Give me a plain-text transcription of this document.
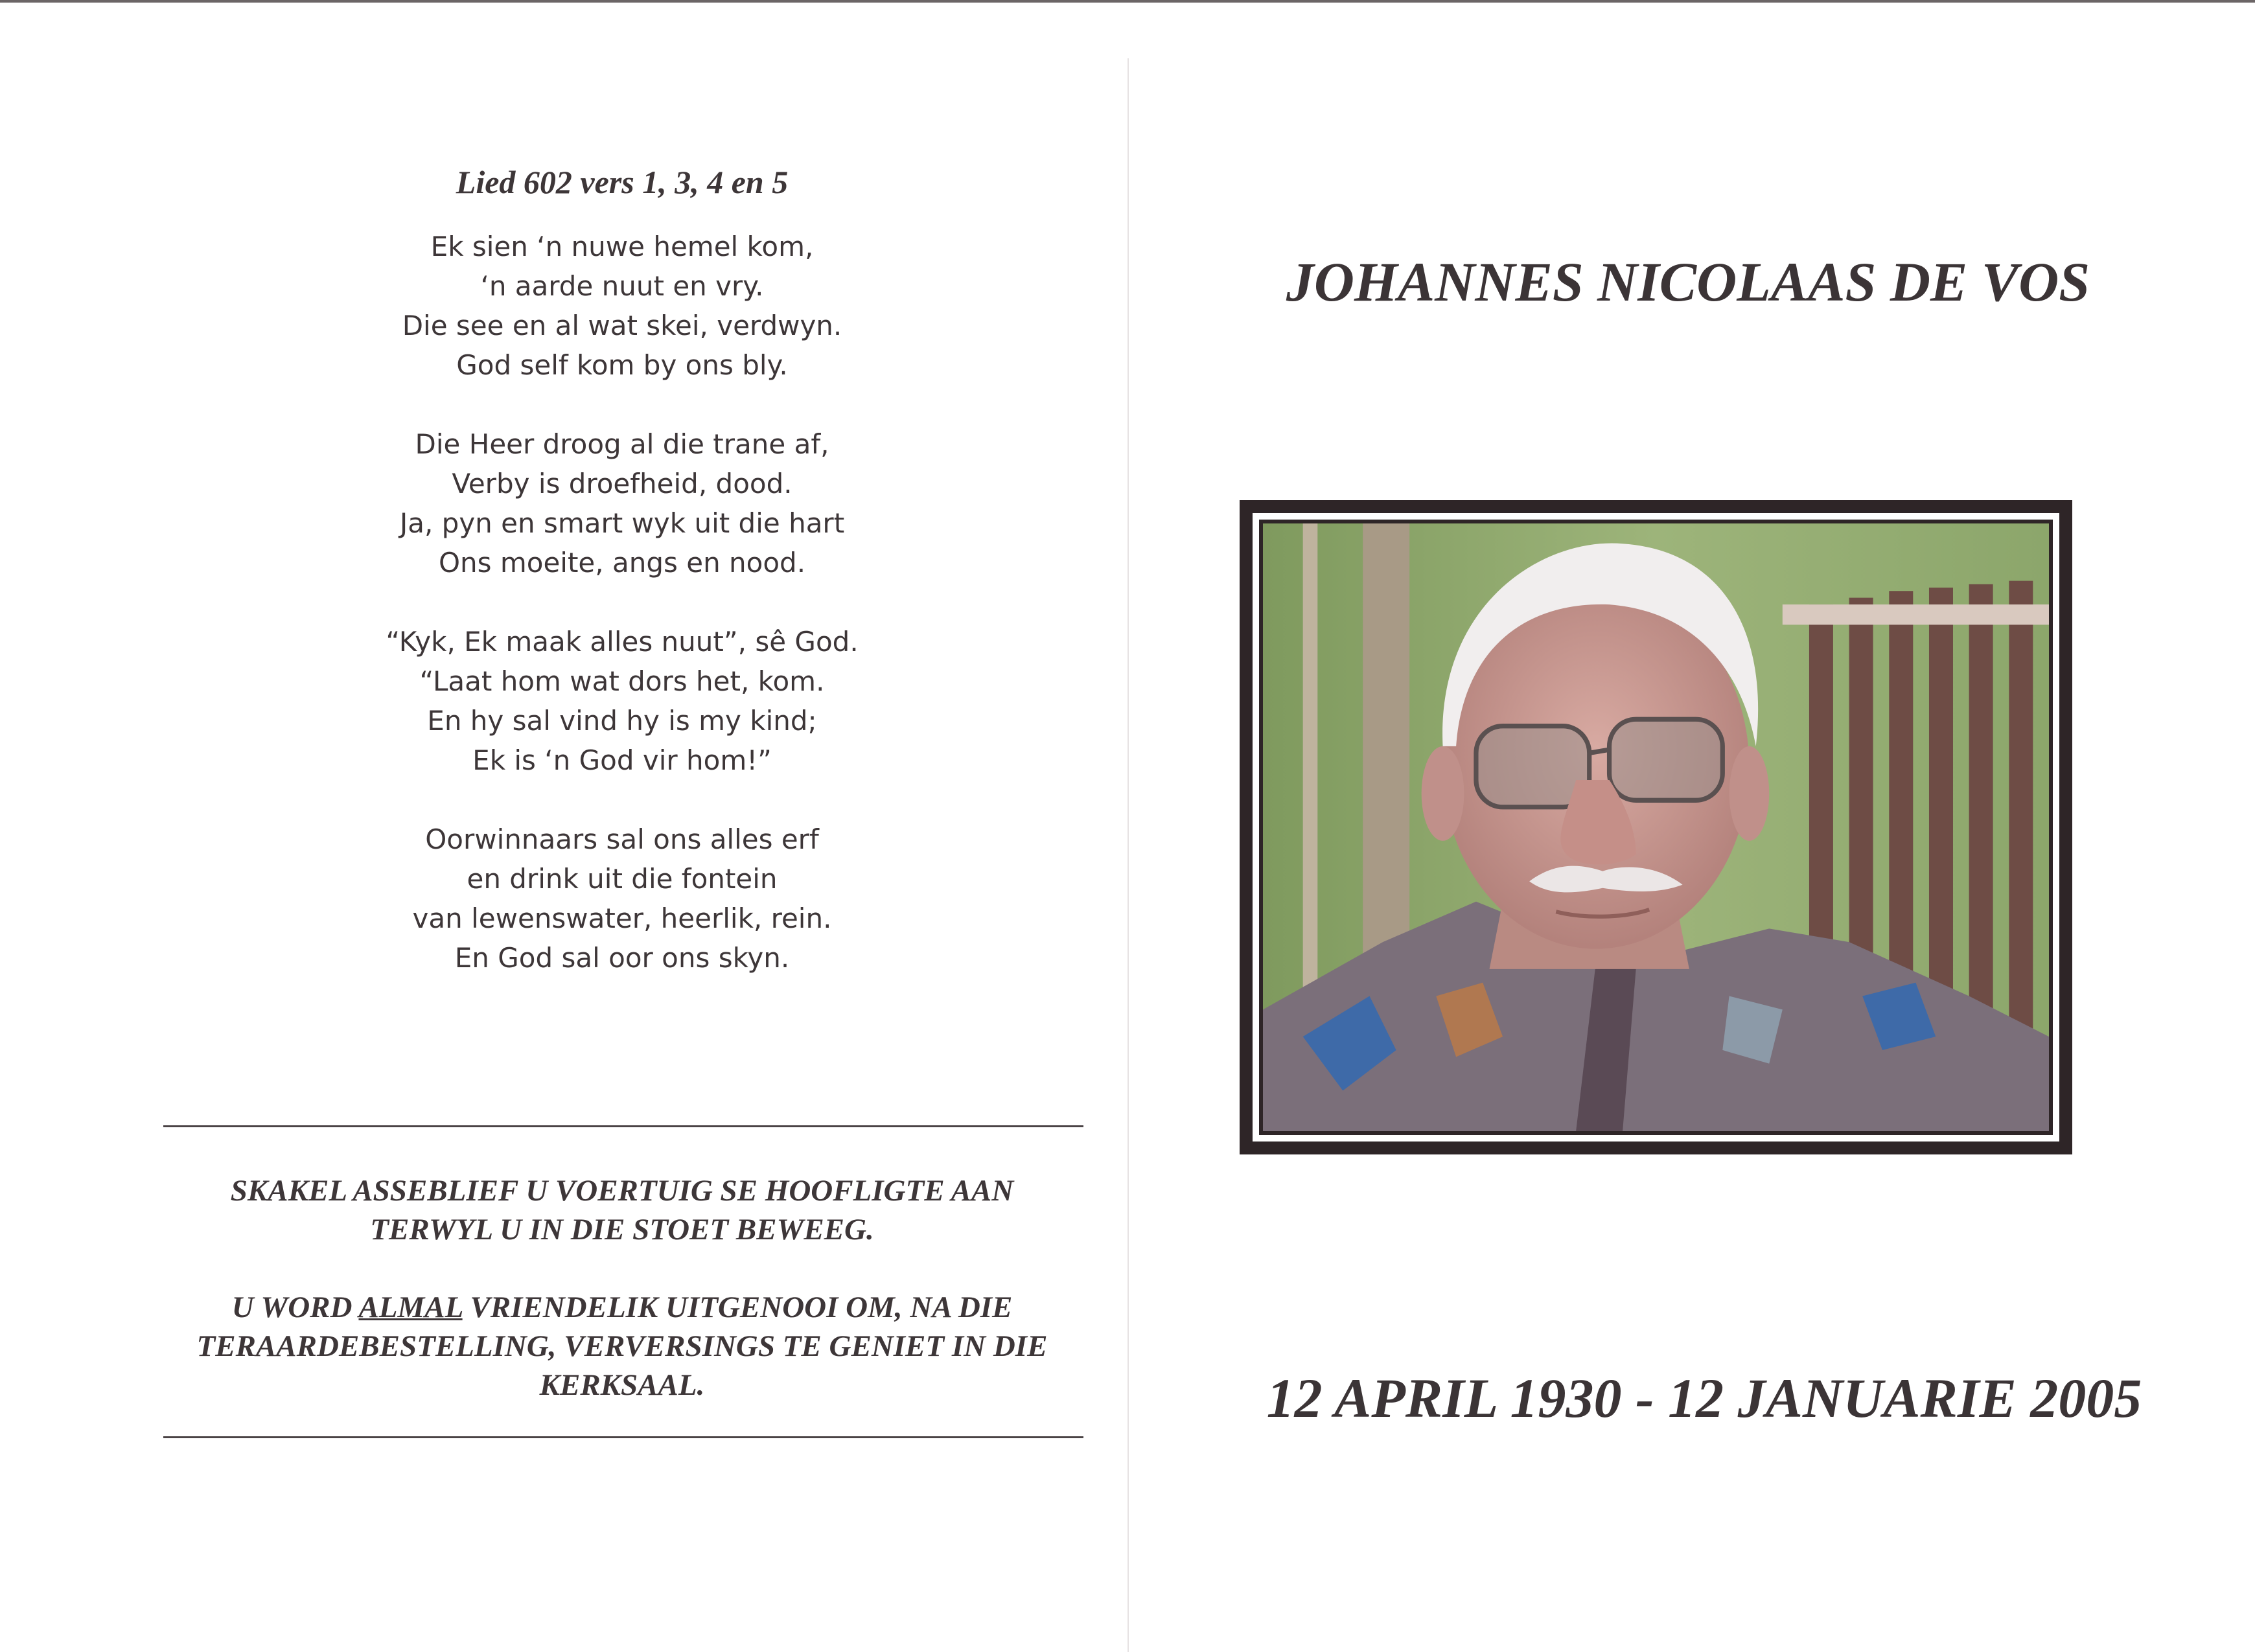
Lied 602 vers 1, 3, 4 en 5
Ek sien ‘n nuwe hemel kom,
‘n aarde nuut en vry.
Die see en al wat skei, verdwyn.
God self kom by ons bly.
Die Heer droog al die trane af,
Verby is droefheid, dood.
Ja, pyn en smart wyk uit die hart
Ons moeite, angs en nood.
“Kyk, Ek maak alles nuut”, sê God.
“Laat hom wat dors het, kom.
En hy sal vind hy is my kind;
Ek is ‘n God vir hom!”
Oorwinnaars sal ons alles erf
en drink uit die fontein
van lewenswater, heerlik, rein.
En God sal oor ons skyn.
SKAKEL ASSEBLIEF U VOERTUIG SE HOOFLIGTE AAN
TERWYL U IN DIE STOET BEWEEG.
U WORD ALMAL VRIENDELIK UITGENOOI OM, NA DIE
TERAARDEBESTELLING, VERVERSINGS TE GENIET IN DIE
KERKSAAL.
JOHANNES NICOLAAS DE VOS
12 APRIL 1930 - 12 JANUARIE 2005
